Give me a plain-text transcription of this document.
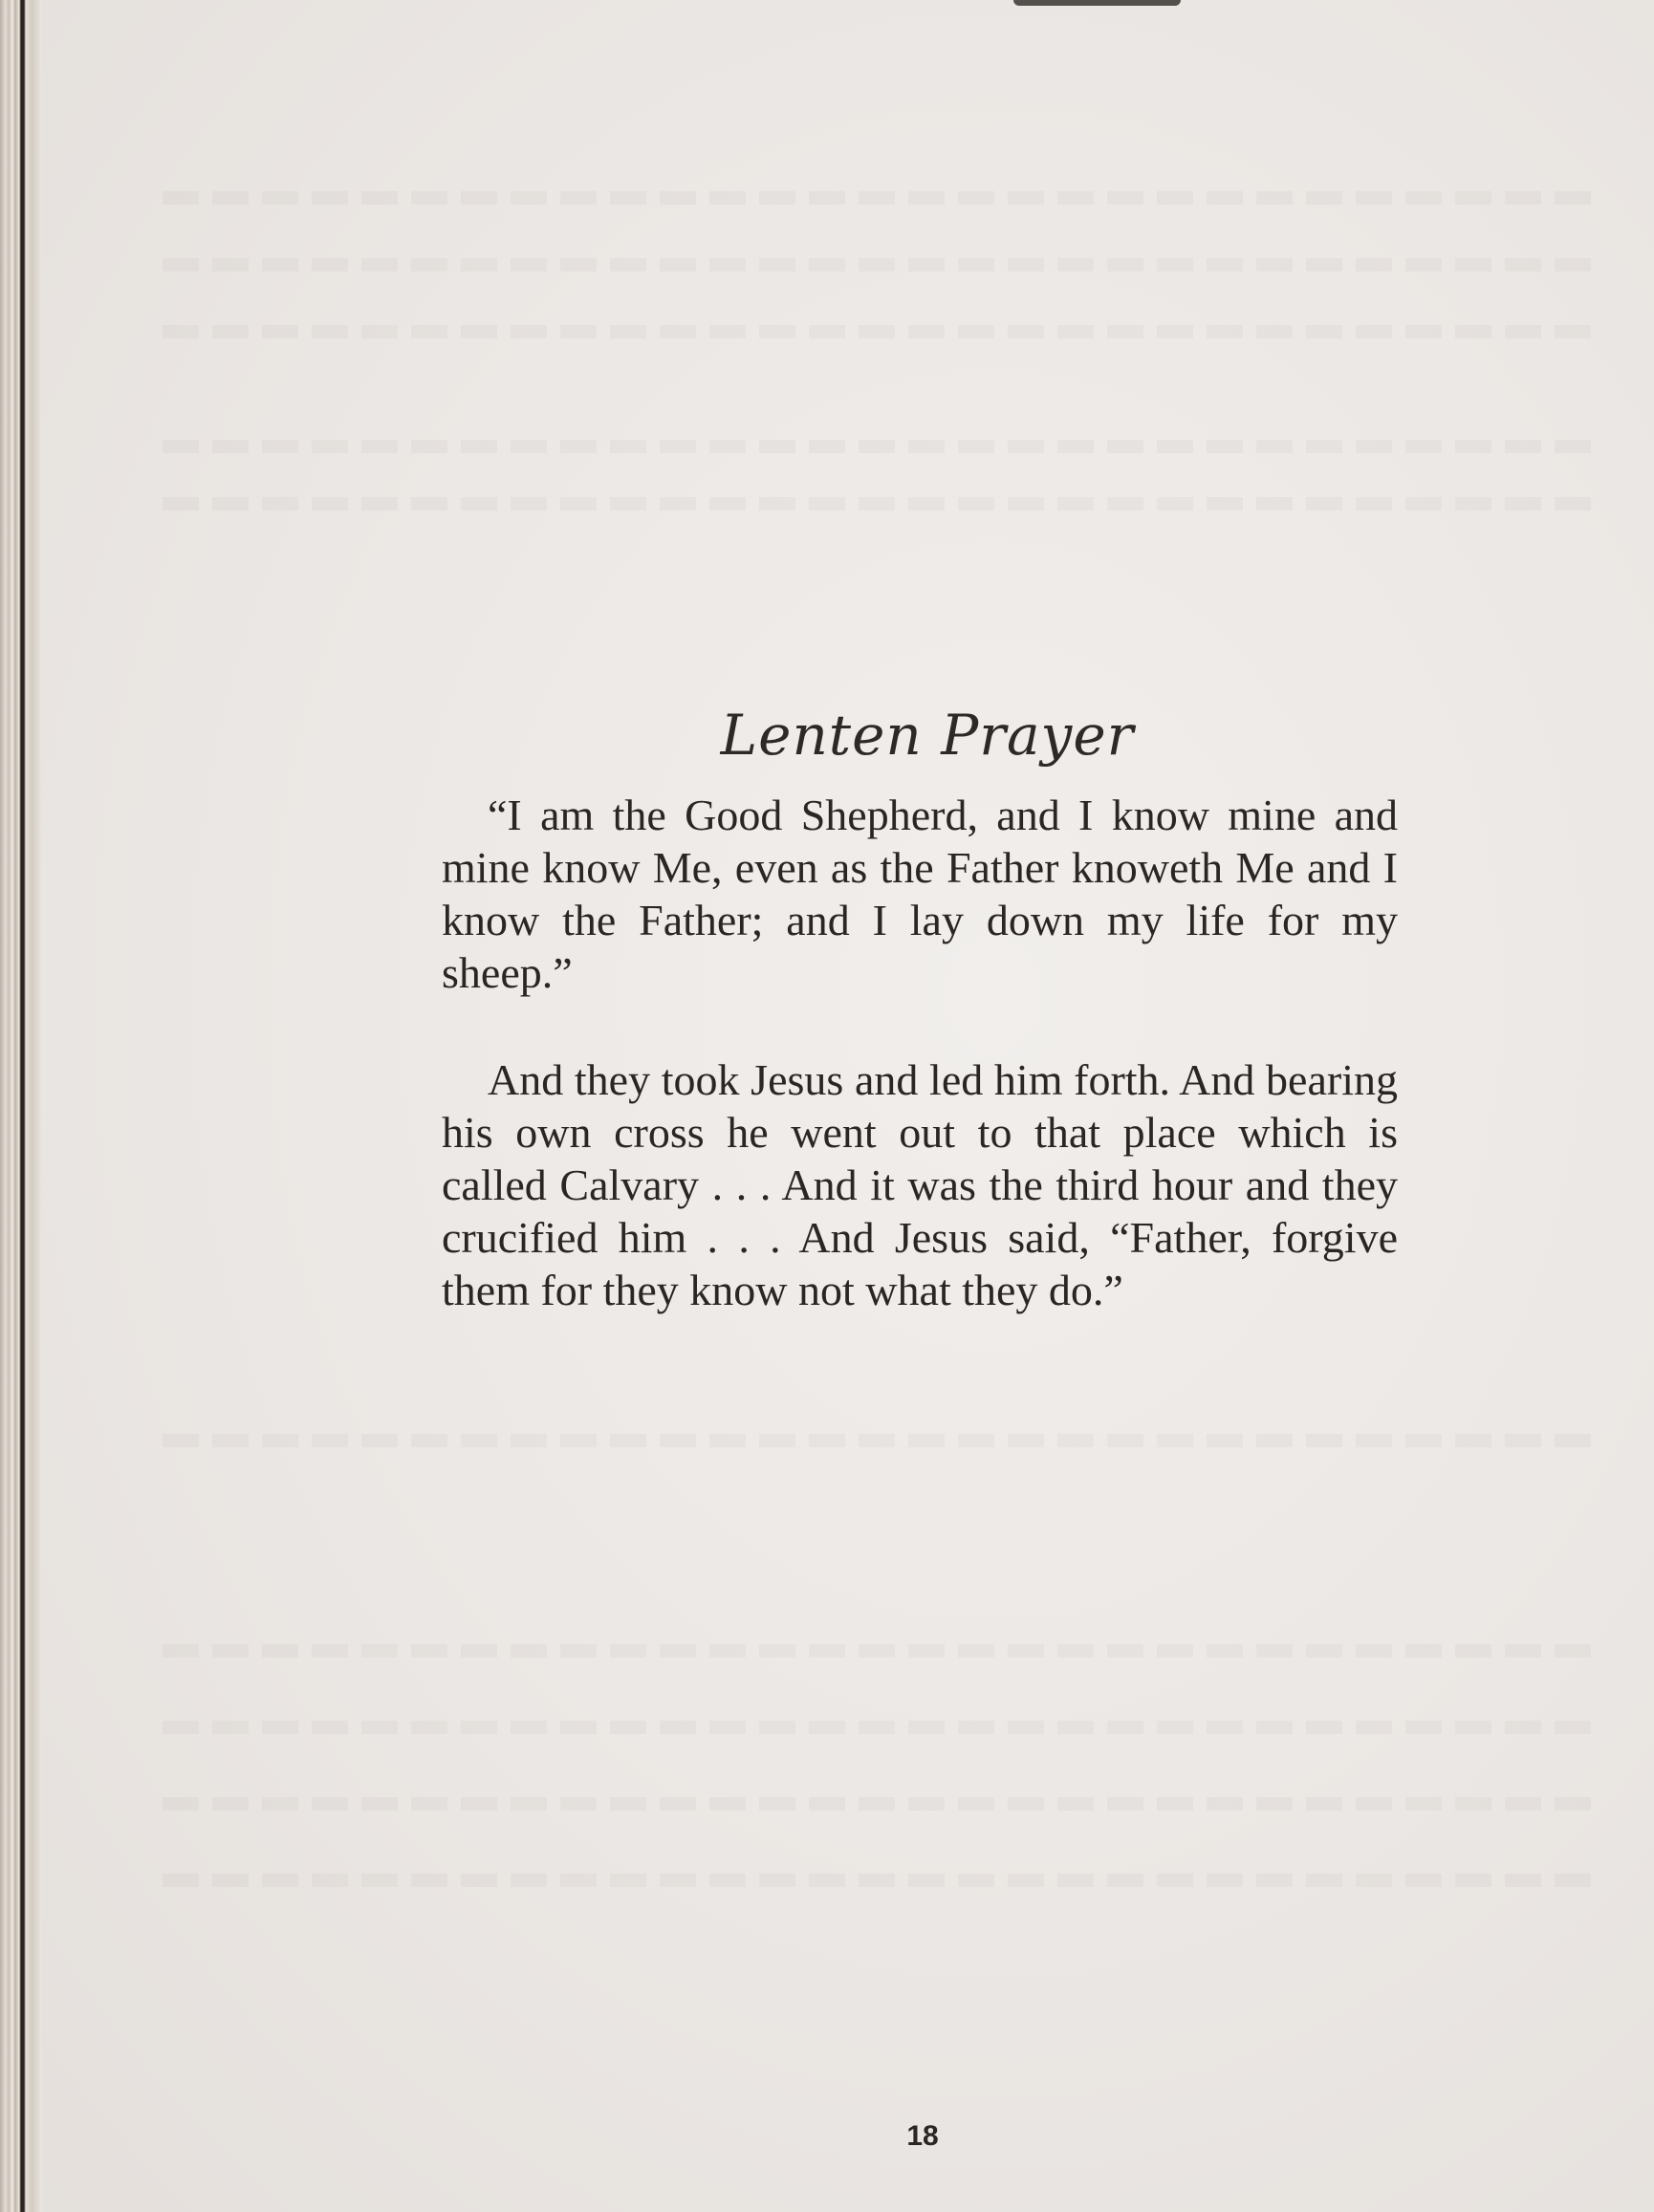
Lenten Prayer

“I am the Good Shepherd, and I know mine and mine know Me, even as the Father knoweth Me and I know the Father; and I lay down my life for my sheep.”

And they took Jesus and led him forth. And bearing his own cross he went out to that place which is called Calvary . . . And it was the third hour and they crucified him . . . And Jesus said, “Father, forgive them for they know not what they do.”

18
